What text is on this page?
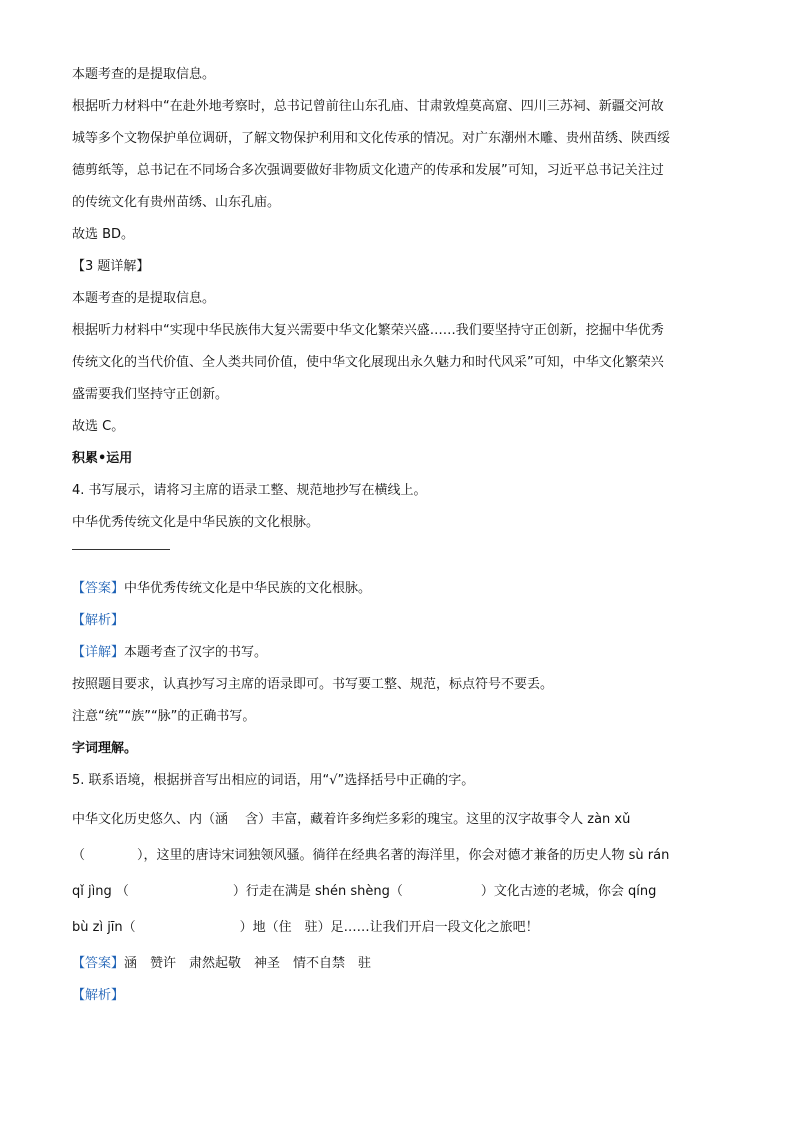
本题考查的是提取信息。
根据听力材料中“在赴外地考察时，总书记曾前往山东孔庙、甘肃敦煌莫高窟、四川三苏祠、新疆交河故
城等多个文物保护单位调研，了解文物保护利用和文化传承的情况。对广东潮州木雕、贵州苗绣、陕西绥
德剪纸等，总书记在不同场合多次强调要做好非物质文化遗产的传承和发展”可知，习近平总书记关注过
的传统文化有贵州苗绣、山东孔庙。
故选 BD。
【3 题详解】
本题考查的是提取信息。
根据听力材料中“实现中华民族伟大复兴需要中华文化繁荣兴盛……我们要坚持守正创新，挖掘中华优秀
传统文化的当代价值、全人类共同价值，使中华文化展现出永久魅力和时代风采”可知，中华文化繁荣兴
盛需要我们坚持守正创新。
故选 C。
积累•运用
4. 书写展示，请将习主席的语录工整、规范地抄写在横线上。
中华优秀传统文化是中华民族的文化根脉。
【答案】中华优秀传统文化是中华民族的文化根脉。
【解析】
【详解】本题考查了汉字的书写。
按照题目要求，认真抄写习主席的语录即可。书写要工整、规范，标点符号不要丢。
注意“统”“族”“脉”的正确书写。
字词理解。
5. 联系语境，根据拼音写出相应的词语，用“√”选择括号中正确的字。
中华文化历史悠久、内（涵　 含）丰富，藏着许多绚烂多彩的瑰宝。这里的汉字故事令人 zàn xǔ
（　　　　），这里的唐诗宋词独领风骚。徜徉在经典名著的海洋里，你会对德才兼备的历史人物 sù rán
qǐ jìng （　　　　　　　　）行走在满是 shén shèng（　　　　　　）文化古迹的老城，你会 qíng
bù zì jīn（　　　　　　　　）地（住　驻）足……让我们开启一段文化之旅吧！
【答案】涵　赞许　肃然起敬　神圣　情不自禁　驻
【解析】
